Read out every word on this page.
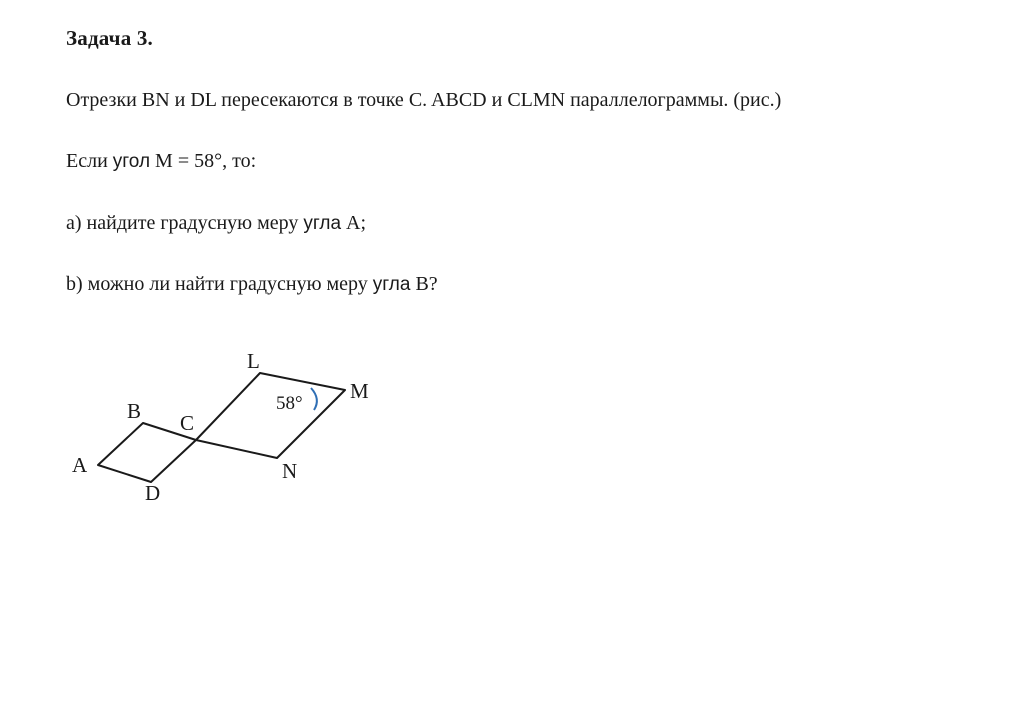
Задача 3.
Отрезки BN и DL пересекаются в точке C. ABCD и CLMN параллелограммы. (рис.)
Если угол M = 58°, то:
а) найдите градусную меру угла A;
b) можно ли найти градусную меру угла B?
A
B C
D
L
M
N
58°
